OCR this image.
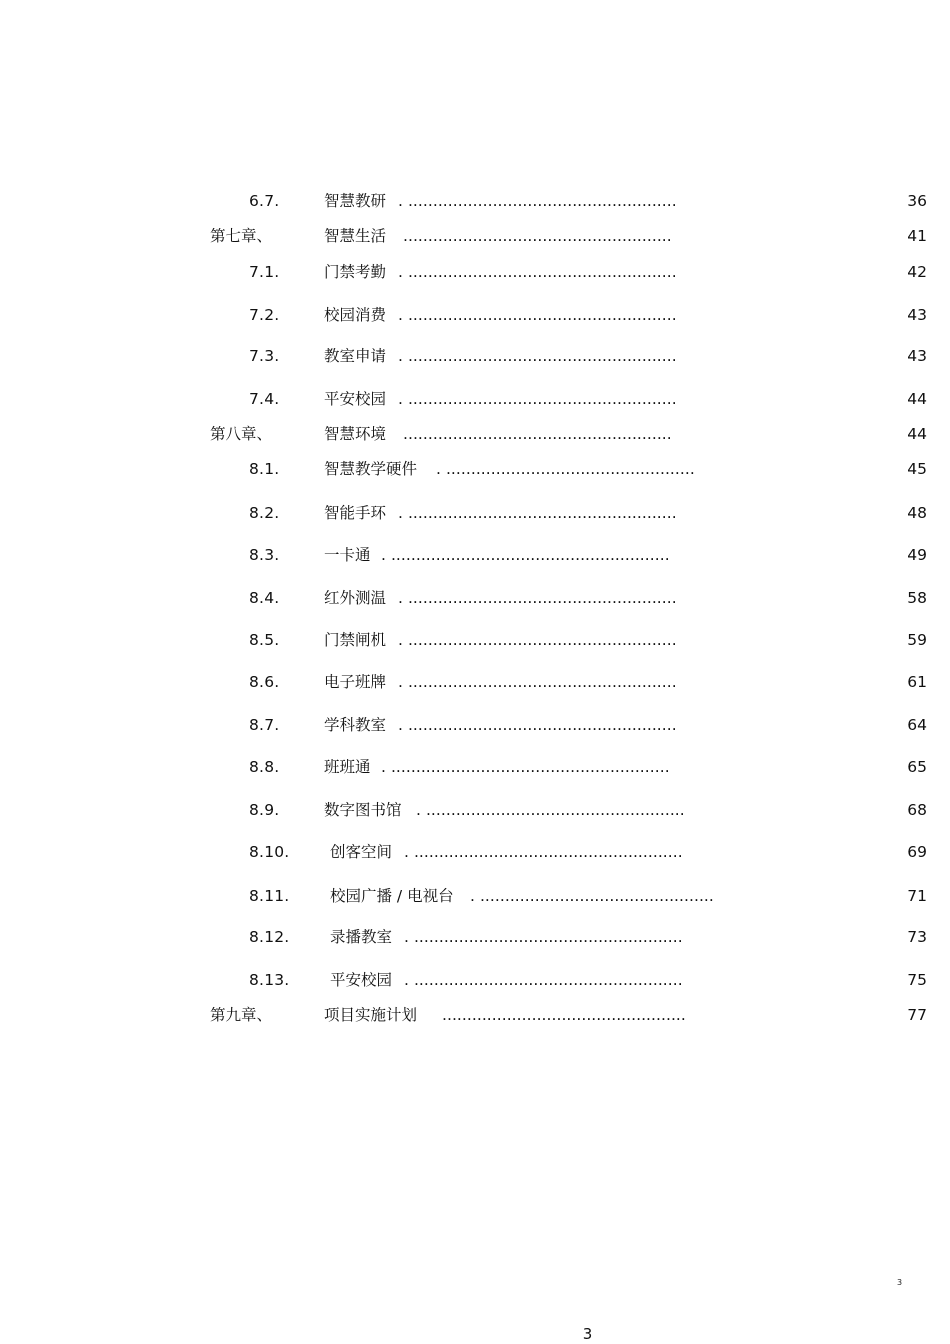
6.7.	智慧教研 . ......................................................	36
第七章、	智慧生活 ......................................................	41
7.1.	门禁考勤 . ......................................................	42
7.2.	校园消费 . ......................................................	43
7.3.	教室申请 . ......................................................	43
7.4.	平安校园 . ......................................................	44
第八章、	智慧环境 ......................................................	44
8.1.	智慧教学硬件 . ..................................................	45
8.2.	智能手环 . ......................................................	48
8.3.	一卡通 . ........................................................	49
8.4.	红外测温 . ......................................................	58
8.5.	门禁闸机 . ......................................................	59
8.6.	电子班牌 . ......................................................	61
8.7.	学科教室 . ......................................................	64
8.8.	班班通 . ........................................................	65
8.9.	数字图书馆 . ....................................................	68
8.10.	创客空间 . ......................................................	69
8.11.	校园广播 / 电视台 . ...............................................	71
8.12.	录播教室 . ......................................................	73
8.13.	平安校园 . ......................................................	75
第九章、	项目实施计划 .................................................	77
3
3
